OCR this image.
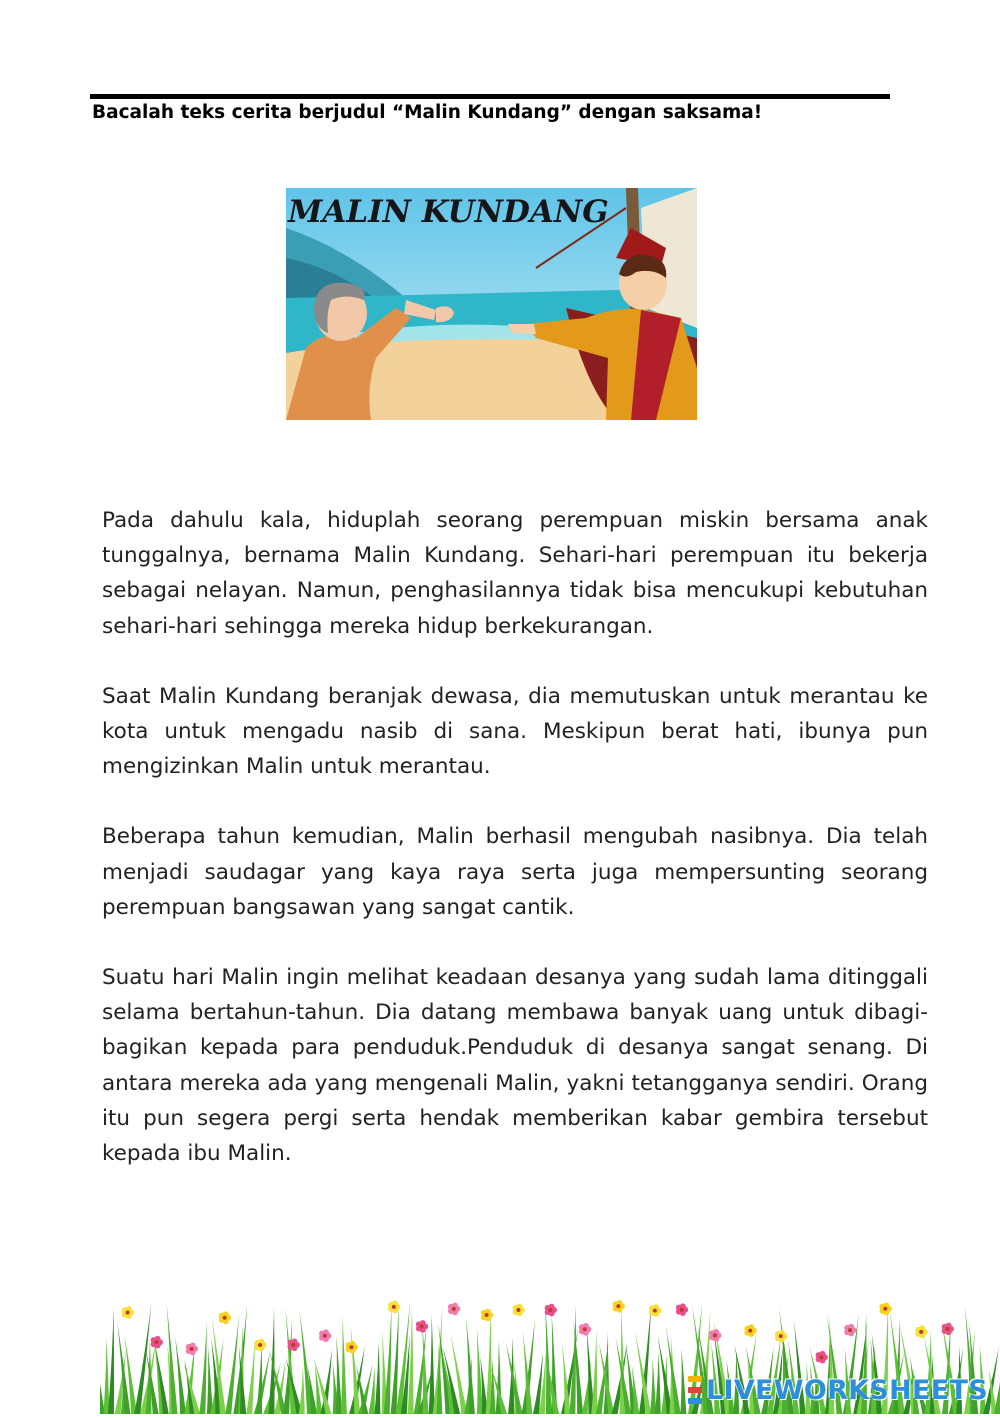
Bacalah teks cerita berjudul “Malin Kundang” dengan saksama!
MALIN KUNDANG

Pada dahulu kala, hiduplah seorang perempuan miskin bersama anak tunggalnya, bernama Malin Kundang. Sehari-hari perempuan itu bekerja sebagai nelayan. Namun, penghasilannya tidak bisa mencukupi kebutuhan sehari-hari sehingga mereka hidup berkekurangan.

Saat Malin Kundang beranjak dewasa, dia memutuskan untuk merantau ke kota untuk mengadu nasib di sana. Meskipun berat hati, ibunya pun mengizinkan Malin untuk merantau.

Beberapa tahun kemudian, Malin berhasil mengubah nasibnya. Dia telah menjadi saudagar yang kaya raya serta juga mempersunting seorang perempuan bangsawan yang sangat cantik.

Suatu hari Malin ingin melihat keadaan desanya yang sudah lama ditinggali selama bertahun-tahun. Dia datang membawa banyak uang untuk dibagi-bagikan kepada para penduduk.Penduduk di desanya sangat senang. Di antara mereka ada yang mengenali Malin, yakni tetangganya sendiri. Orang itu pun segera pergi serta hendak memberikan kabar gembira tersebut kepada ibu Malin.

LIVEWORKSHEETS
